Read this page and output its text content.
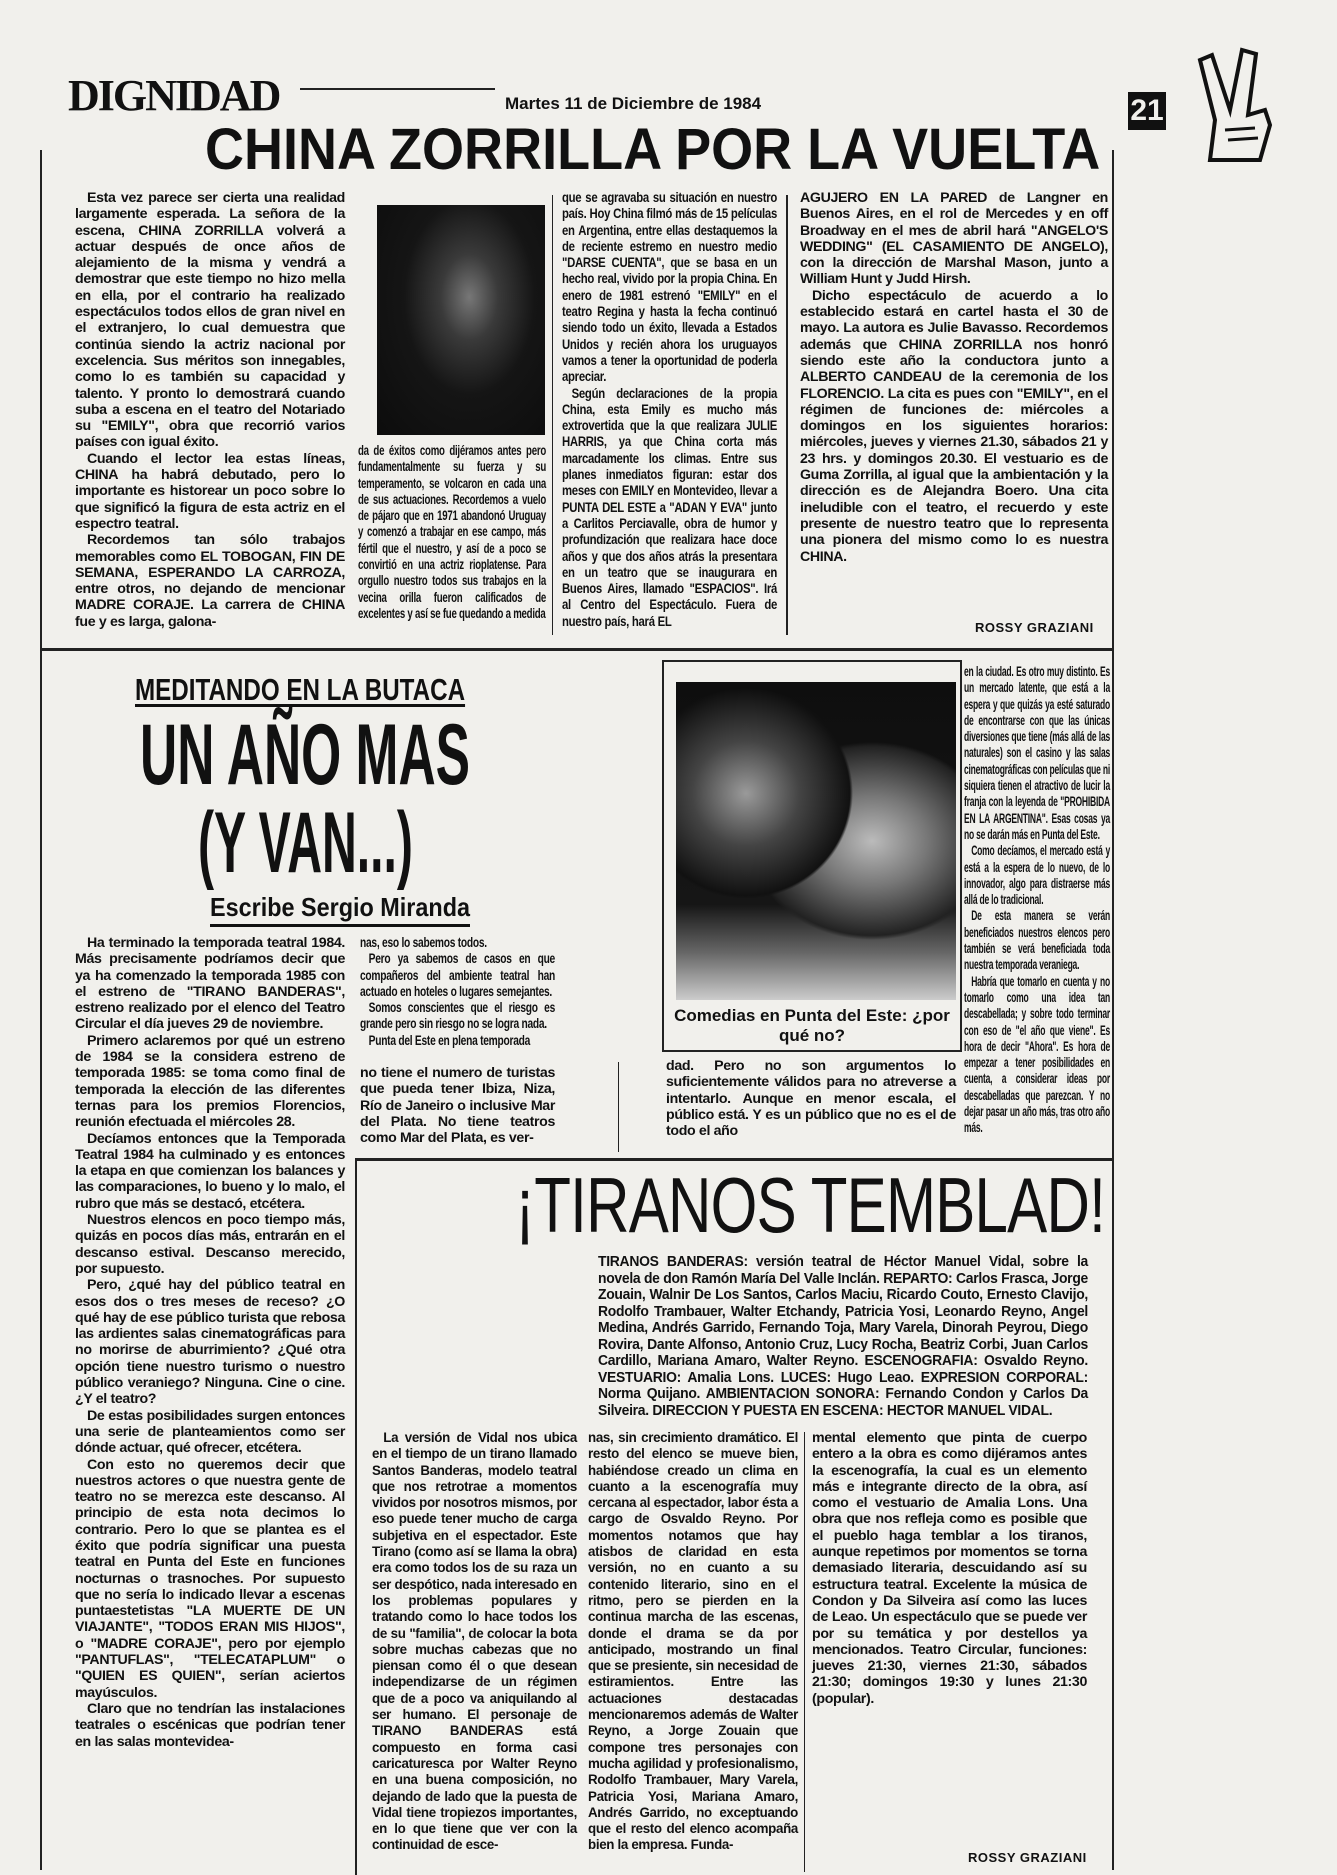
DIGNIDAD	Martes 11 de Diciembre de 1984	21
CHINA ZORRILLA POR LA VUELTA

Esta vez parece ser cierta una realidad largamente esperada. La señora de la escena, CHINA ZORRILLA volverá a actuar después de once años de alejamiento de la misma y vendrá a demostrar que este tiempo no hizo mella en ella, por el contrario ha realizado espectáculos todos ellos de gran nivel en el extranjero, lo cual demuestra que continúa siendo la actriz nacional por excelencia. Sus méritos son innegables, como lo es también su capacidad y talento. Y pronto lo demostrará cuando suba a escena en el teatro del Notariado su "EMILY", obra que recorrió varios países con igual éxito.

Cuando el lector lea estas líneas, CHINA ha habrá debutado, pero lo importante es historear un poco sobre lo que significó la figura de esta actriz en el espectro teatral.

Recordemos tan sólo trabajos memorables como EL TOBOGAN, FIN DE SEMANA, ESPERANDO LA CARROZA, entre otros, no dejando de mencionar MADRE CORAJE. La carrera de CHINA fue y es larga, galona-

da de éxitos como dijéramos antes pero fundamentalmente su fuerza y su temperamento, se volcaron en cada una de sus actuaciones. Recordemos a vuelo de pájaro que en 1971 abandonó Uruguay y comenzó a trabajar en ese campo, más fértil que el nuestro, y así de a poco se convirtió en una actriz rioplatense. Para orgullo nuestro todos sus trabajos en la vecina orilla fueron calificados de excelentes y así se fue quedando a medida

que se agravaba su situación en nuestro país. Hoy China filmó más de 15 películas en Argentina, entre ellas destaquemos la de reciente estremo en nuestro medio "DARSE CUENTA", que se basa en un hecho real, vivido por la propia China. En enero de 1981 estrenó "EMILY" en el teatro Regina y hasta la fecha continuó siendo todo un éxito, llevada a Estados Unidos y recién ahora los uruguayos vamos a tener la oportunidad de poderla apreciar.

Según declaraciones de la propia China, esta Emily es mucho más extrovertida que la que realizara JULIE HARRIS, ya que China corta más marcadamente los climas. Entre sus planes inmediatos figuran: estar dos meses con EMILY en Montevideo, llevar a PUNTA DEL ESTE a "ADAN Y EVA" junto a Carlitos Perciavalle, obra de humor y profundización que realizara hace doce años y que dos años atrás la presentara en un teatro que se inaugurara en Buenos Aires, llamado "ESPACIOS". Irá al Centro del Espectáculo. Fuera de nuestro país, hará EL

AGUJERO EN LA PARED de Langner en Buenos Aires, en el rol de Mercedes y en off Broadway en el mes de abril hará "ANGELO'S WEDDING" (EL CASAMIENTO DE ANGELO), con la dirección de Marshal Mason, junto a William Hunt y Judd Hirsh.

Dicho espectáculo de acuerdo a lo establecido estará en cartel hasta el 30 de mayo. La autora es Julie Bavasso. Recordemos además que CHINA ZORRILLA nos honró siendo este año la conductora junto a ALBERTO CANDEAU de la ceremonia de los FLORENCIO. La cita es pues con "EMILY", en el régimen de funciones de: miércoles a domingos en los siguientes horarios: miércoles, jueves y viernes 21.30, sábados 21 y 23 hrs. y domingos 20.30. El vestuario es de Guma Zorrilla, al igual que la ambientación y la dirección es de Alejandra Boero. Una cita ineludible con el teatro, el recuerdo y este presente de nuestro teatro que lo representa una pionera del mismo como lo es nuestra CHINA.

ROSSY GRAZIANI
MEDITANDO EN LA BUTACA
UN AÑO MAS
(Y VAN...)
Escribe Sergio Miranda

Ha terminado la temporada teatral 1984. Más precisamente podríamos decir que ya ha comenzado la temporada 1985 con el estreno de "TIRANO BANDERAS", estreno realizado por el elenco del Teatro Circular el día jueves 29 de noviembre.

Primero aclaremos por qué un estreno de 1984 se la considera estreno de temporada 1985: se toma como final de temporada la elección de las diferentes ternas para los premios Florencios, reunión efectuada el miércoles 28.

Decíamos entonces que la Temporada Teatral 1984 ha culminado y es entonces la etapa en que comienzan los balances y las comparaciones, lo bueno y lo malo, el rubro que más se destacó, etcétera.

Nuestros elencos en poco tiempo más, quizás en pocos días más, entrarán en el descanso estival. Descanso merecido, por supuesto.

Pero, ¿qué hay del público teatral en esos dos o tres meses de receso? ¿O qué hay de ese público turista que rebosa las ardientes salas cinematográficas para no morirse de aburrimiento? ¿Qué otra opción tiene nuestro turismo o nuestro público veraniego? Ninguna. Cine o cine. ¿Y el teatro?

De estas posibilidades surgen entonces una serie de planteamientos como ser dónde actuar, qué ofrecer, etcétera.

Con esto no queremos decir que nuestros actores o que nuestra gente de teatro no se merezca este descanso. Al principio de esta nota decimos lo contrario. Pero lo que se plantea es el éxito que podría significar una puesta teatral en Punta del Este en funciones nocturnas o trasnoches. Por supuesto que no sería lo indicado llevar a escenas puntaestetistas "LA MUERTE DE UN VIAJANTE", "TODOS ERAN MIS HIJOS", o "MADRE CORAJE", pero por ejemplo "PANTUFLAS", "TELECATAPLUM" o "QUIEN ES QUIEN", serían aciertos mayúsculos.

Claro que no tendrían las instalaciones teatrales o escénicas que podrían tener en las salas montevidea-

nas, eso lo sabemos todos.

Pero ya sabemos de casos en que compañeros del ambiente teatral han actuado en hoteles o lugares semejantes.

Somos conscientes que el riesgo es grande pero sin riesgo no se logra nada.

Punta del Este en plena temporada

no tiene el numero de turistas que pueda tener Ibiza, Niza, Río de Janeiro o inclusive Mar del Plata. No tiene teatros como Mar del Plata, es ver-

Comedias en Punta del Este: ¿por qué no?

dad. Pero no son argumentos lo suficientemente válidos para no atreverse a intentarlo. Aunque en menor escala, el público está. Y es un público que no es el de todo el año

en la ciudad. Es otro muy distinto. Es un mercado latente, que está a la espera y que quizás ya esté saturado de encontrarse con que las únicas diversiones que tiene (más allá de las naturales) son el casino y las salas cinematográficas con películas que ni siquiera tienen el atractivo de lucir la franja con la leyenda de "PROHIBIDA EN LA ARGENTINA". Esas cosas ya no se darán más en Punta del Este.

Como decíamos, el mercado está y está a la espera de lo nuevo, de lo innovador, algo para distraerse más allá de lo tradicional.

De esta manera se verán beneficiados nuestros elencos pero también se verá beneficiada toda nuestra temporada veraniega.

Habría que tomarlo en cuenta y no tomarlo como una idea tan descabellada; y sobre todo terminar con eso de "el año que viene". Es hora de decir "Ahora". Es hora de empezar a tener posibilidades en cuenta, a considerar ideas por descabelladas que parezcan. Y no dejar pasar un año más, tras otro año más.

¡TIRANOS TEMBLAD!
TIRANOS BANDERAS: versión teatral de Héctor Manuel Vidal, sobre la novela de don Ramón María Del Valle Inclán. REPARTO: Carlos Frasca, Jorge Zouain, Walnir De Los Santos, Carlos Maciu, Ricardo Couto, Ernesto Clavijo, Rodolfo Trambauer, Walter Etchandy, Patricia Yosi, Leonardo Reyno, Angel Medina, Andrés Garrido, Fernando Toja, Mary Varela, Dinorah Peyrou, Diego Rovira, Dante Alfonso, Antonio Cruz, Lucy Rocha, Beatriz Corbi, Juan Carlos Cardillo, Mariana Amaro, Walter Reyno. ESCENOGRAFIA: Osvaldo Reyno. VESTUARIO: Amalia Lons. LUCES: Hugo Leao. EXPRESION CORPORAL: Norma Quijano. AMBIENTACION SONORA: Fernando Condon y Carlos Da Silveira. DIRECCION Y PUESTA EN ESCENA: HECTOR MANUEL VIDAL.

La versión de Vidal nos ubica en el tiempo de un tirano llamado Santos Banderas, modelo teatral que nos retrotrae a momentos vividos por nosotros mismos, por eso puede tener mucho de carga subjetiva en el espectador. Este Tirano (como así se llama la obra) era como todos los de su raza un ser despótico, nada interesado en los problemas populares y tratando como lo hace todos los de su "familia", de colocar la bota sobre muchas cabezas que no piensan como él o que desean independizarse de un régimen que de a poco va aniquilando al ser humano. El personaje de TIRANO BANDERAS está compuesto en forma casi caricaturesca por Walter Reyno en una buena composición, no dejando de lado que la puesta de Vidal tiene tropiezos importantes, en lo que tiene que ver con la continuidad de esce-

nas, sin crecimiento dramático. El resto del elenco se mueve bien, habiéndose creado un clima en cuanto a la escenografía muy cercana al espectador, labor ésta a cargo de Osvaldo Reyno. Por momentos notamos que hay atisbos de claridad en esta versión, no en cuanto a su contenido literario, sino en el ritmo, pero se pierden en la continua marcha de las escenas, donde el drama se da por anticipado, mostrando un final que se presiente, sin necesidad de estiramientos. Entre las actuaciones destacadas mencionaremos además de Walter Reyno, a Jorge Zouain que compone tres personajes con mucha agilidad y profesionalismo, Rodolfo Trambauer, Mary Varela, Patricia Yosi, Mariana Amaro, Andrés Garrido, no exceptuando que el resto del elenco acompaña bien la empresa. Funda-

mental elemento que pinta de cuerpo entero a la obra es como dijéramos antes la escenografía, la cual es un elemento más e integrante directo de la obra, así como el vestuario de Amalia Lons. Una obra que nos refleja como es posible que el pueblo haga temblar a los tiranos, aunque repetimos por momentos se torna demasiado literaria, descuidando así su estructura teatral. Excelente la música de Condon y Da Silveira así como las luces de Leao. Un espectáculo que se puede ver por su temática y por destellos ya mencionados. Teatro Circular, funciones: jueves 21:30, viernes 21:30, sábados 21:30; domingos 19:30 y lunes 21:30 (popular).

ROSSY GRAZIANI
